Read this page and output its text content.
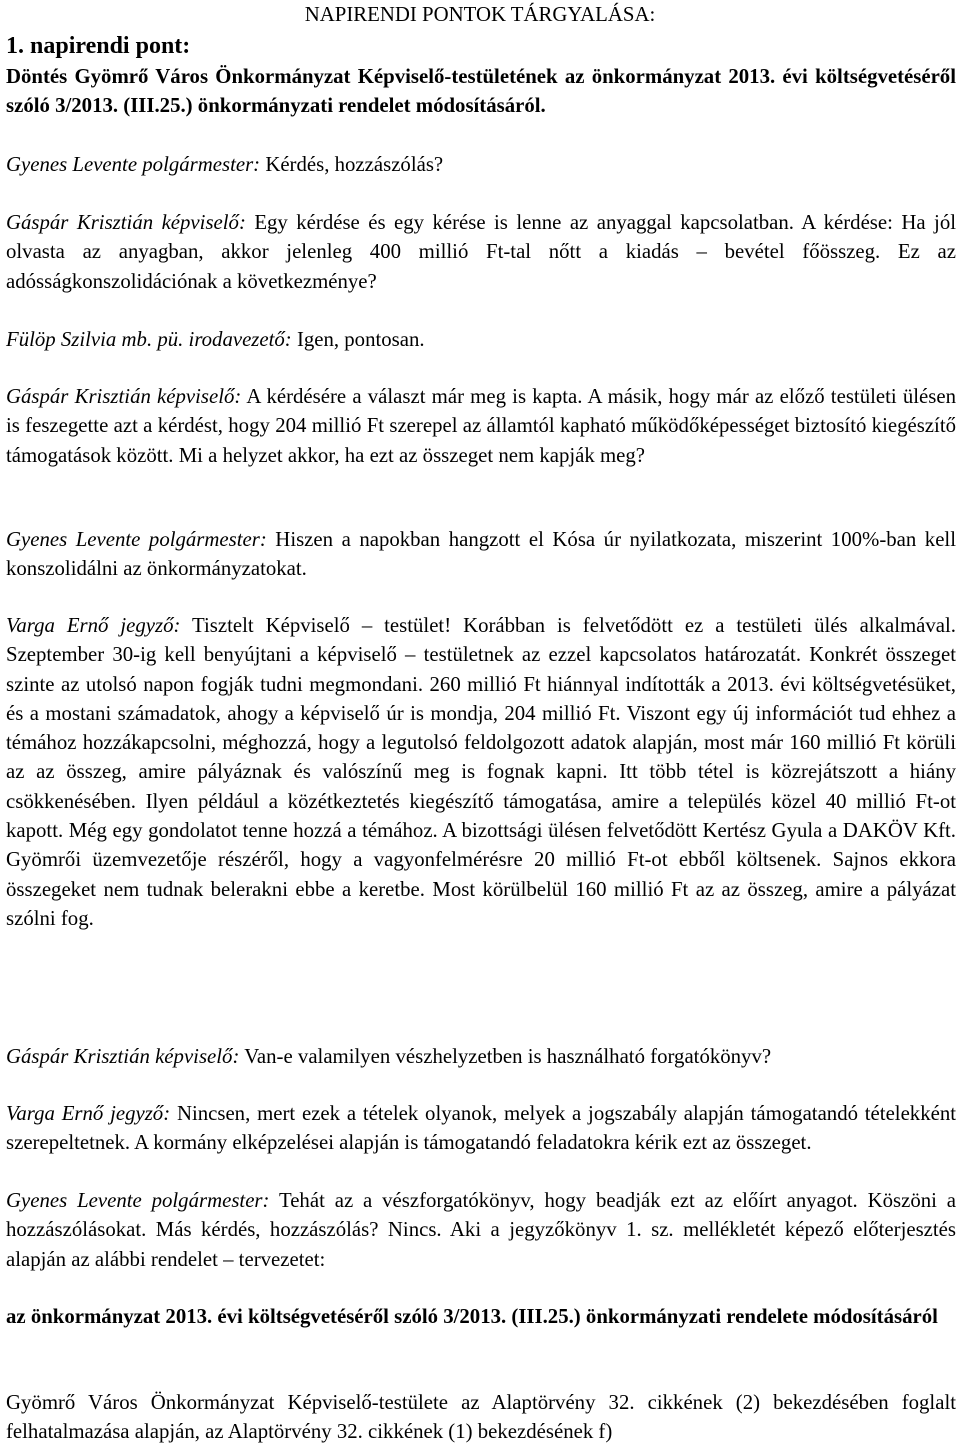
NAPIRENDI PONTOK TÁRGYALÁSA:
1. napirendi pont:

Döntés Gyömrő Város Önkormányzat Képviselő-testületének az önkormányzat 2013. évi költségvetéséről szóló 3/2013. (III.25.) önkormányzati rendelet módosításáról.

Gyenes Levente polgármester: Kérdés, hozzászólás?

Gáspár Krisztián képviselő: Egy kérdése és egy kérése is lenne az anyaggal kapcsolatban. A kérdése: Ha jól olvasta az anyagban, akkor jelenleg 400 millió Ft-tal nőtt a kiadás – bevétel főösszeg. Ez az adósságkonszolidációnak a következménye?

Fülöp Szilvia mb. pü. irodavezető: Igen, pontosan.

Gáspár Krisztián képviselő: A kérdésére a választ már meg is kapta. A másik, hogy már az előző testületi ülésen is feszegette azt a kérdést, hogy 204 millió Ft szerepel az államtól kapható működőképességet biztosító kiegészítő támogatások között. Mi a helyzet akkor, ha ezt az összeget nem kapják meg?

Gyenes Levente polgármester: Hiszen a napokban hangzott el Kósa úr nyilatkozata, miszerint 100%-ban kell konszolidálni az önkormányzatokat.

Varga Ernő jegyző: Tisztelt Képviselő – testület! Korábban is felvetődött ez a testületi ülés alkalmával. Szeptember 30-ig kell benyújtani a képviselő – testületnek az ezzel kapcsolatos határozatát. Konkrét összeget szinte az utolsó napon fogják tudni megmondani. 260 millió Ft hiánnyal indították a 2013. évi költségvetésüket, és a mostani számadatok, ahogy a képviselő úr is mondja, 204 millió Ft. Viszont egy új információt tud ehhez a témához hozzákapcsolni, méghozzá, hogy a legutolsó feldolgozott adatok alapján, most már 160 millió Ft körüli az az összeg, amire pályáznak és valószínű meg is fognak kapni. Itt több tétel is közrejátszott a hiány csökkenésében. Ilyen például a közétkeztetés kiegészítő támogatása, amire a település közel 40 millió Ft-ot kapott. Még egy gondolatot tenne hozzá a témához. A bizottsági ülésen felvetődött Kertész Gyula a DAKÖV Kft. Gyömrői üzemvezetője részéről, hogy a vagyonfelmérésre 20 millió Ft-ot ebből költsenek. Sajnos ekkora összegeket nem tudnak belerakni ebbe a keretbe. Most körülbelül 160 millió Ft az az összeg, amire a pályázat szólni fog.

Gáspár Krisztián képviselő: Van-e valamilyen vészhelyzetben is használható forgatókönyv?

Varga Ernő jegyző: Nincsen, mert ezek a tételek olyanok, melyek a jogszabály alapján támogatandó tételekként szerepeltetnek. A kormány elképzelései alapján is támogatandó feladatokra kérik ezt az összeget.

Gyenes Levente polgármester: Tehát az a vészforgatókönyv, hogy beadják ezt az előírt anyagot. Köszöni a hozzászólásokat. Más kérdés, hozzászólás? Nincs. Aki a jegyzőkönyv 1. sz. mellékletét képező előterjesztés alapján az alábbi rendelet – tervezetet:

az önkormányzat 2013. évi költségvetéséről szóló 3/2013. (III.25.) önkormányzati rendelete módosításáról

Gyömrő Város Önkormányzat Képviselő-testülete az Alaptörvény 32. cikkének (2) bekezdésében foglalt felhatalmazása alapján, az Alaptörvény 32. cikkének (1) bekezdésének f)
